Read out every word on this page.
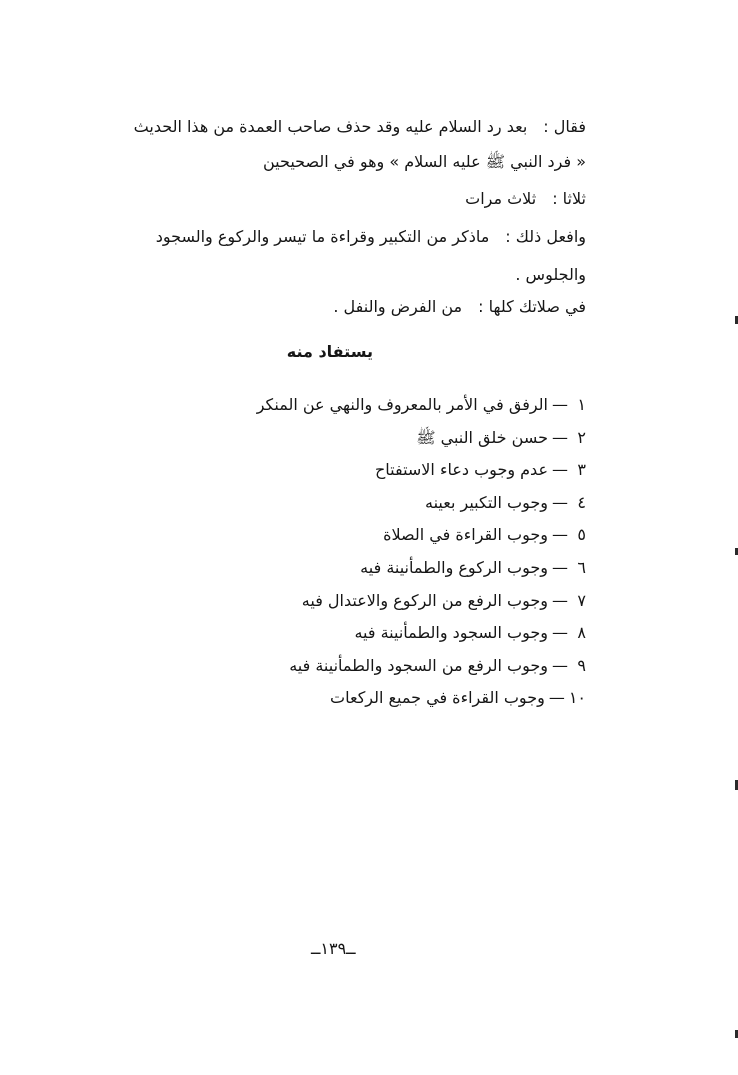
فقال :بعد رد السلام عليه وقد حذف صاحب العمدة من هذا الحديث
« فرد النبي ﷺ عليه السلام » وهو في الصحيحين
ثلاثا :ثلاث مرات
وافعل ذلك :ماذكر من التكبير وقراءة ما تيسر والركوع والسجود
والجلوس .
في صلاتك كلها :من الفرض والنفل .
يستفاد منه
١—الرفق في الأمر بالمعروف والنهي عن المنكر
٢—حسن خلق النبي ﷺ
٣—عدم وجوب دعاء الاستفتاح
٤—وجوب التكبير بعينه
٥—وجوب القراءة في الصلاة
٦—وجوب الركوع والطمأنينة فيه
٧—وجوب الرفع من الركوع والاعتدال فيه
٨—وجوب السجود والطمأنينة فيه
٩—وجوب الرفع من السجود والطمأنينة فيه
١٠—وجوب القراءة في جميع الركعات
ــ١٣٩ــ
